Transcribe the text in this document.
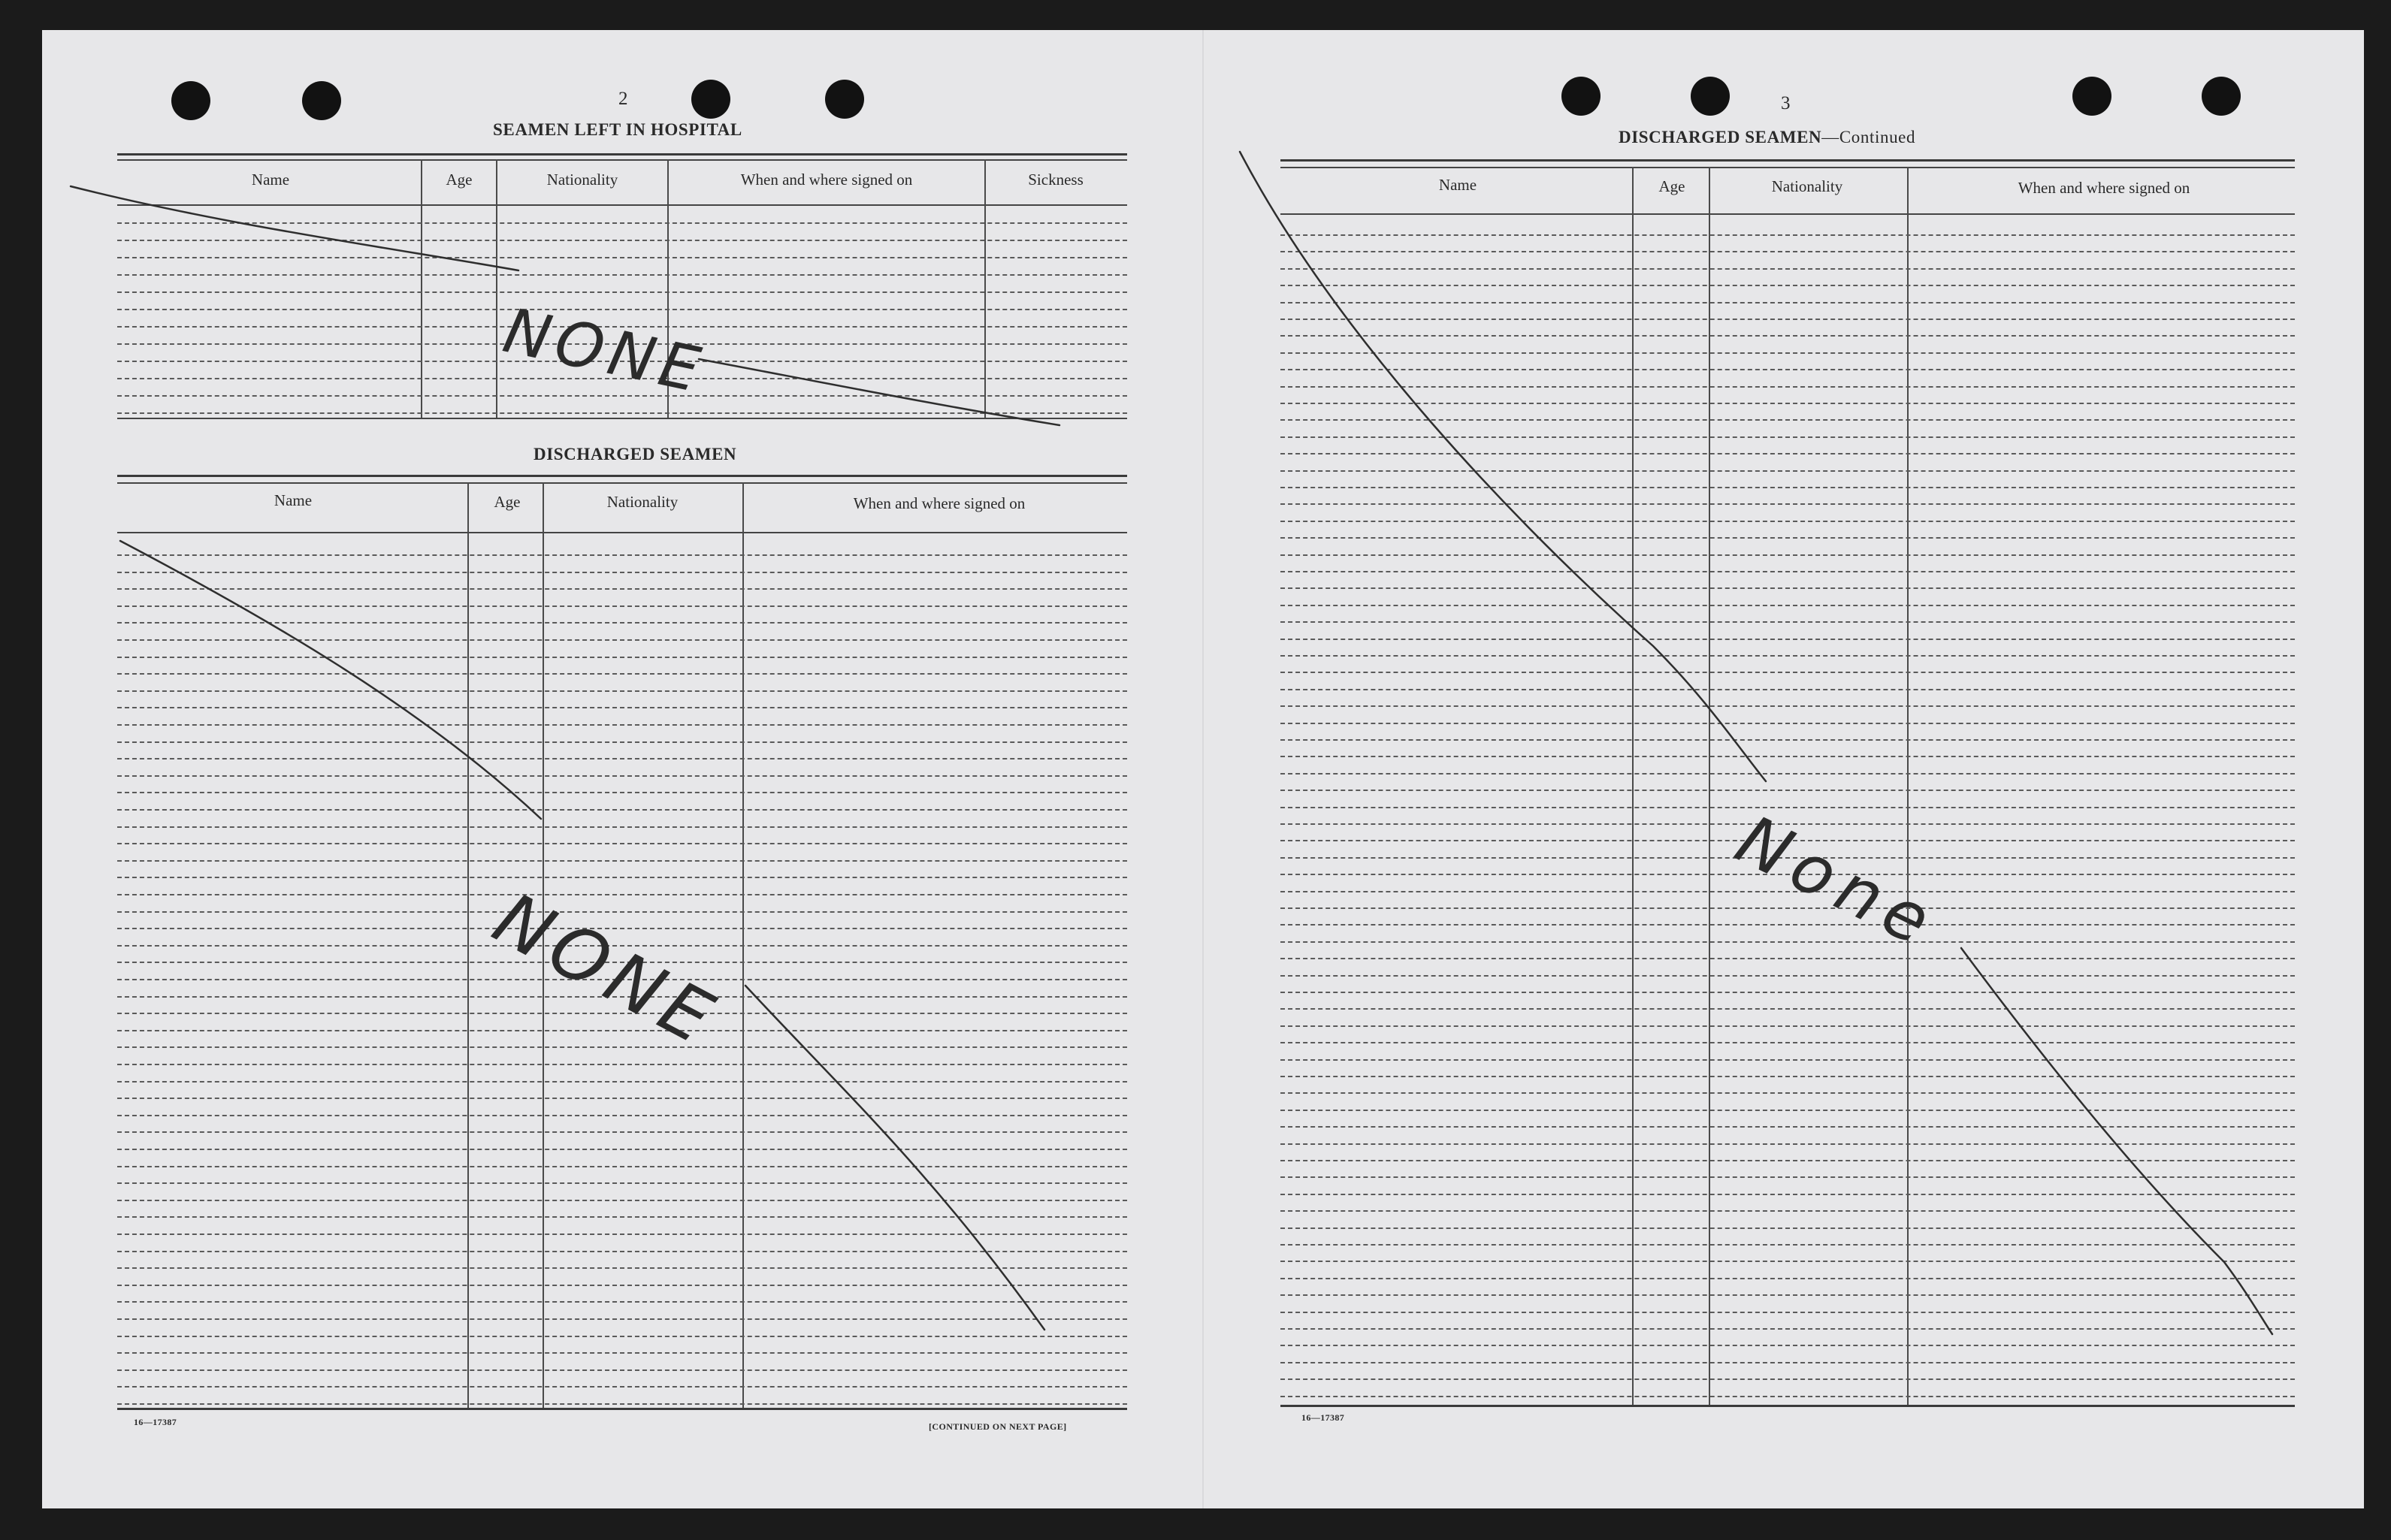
2
SEAMEN LEFT IN HOSPITAL
Name	Age	Nationality	When and where signed on	Sickness
DISCHARGED SEAMEN
Name	Age	Nationality	When and where signed on
16—17387	[CONTINUED ON NEXT PAGE]
3
DISCHARGED SEAMEN—Continued
Name	Age	Nationality	When and where signed on
16—17387
NONE
NONE	None
